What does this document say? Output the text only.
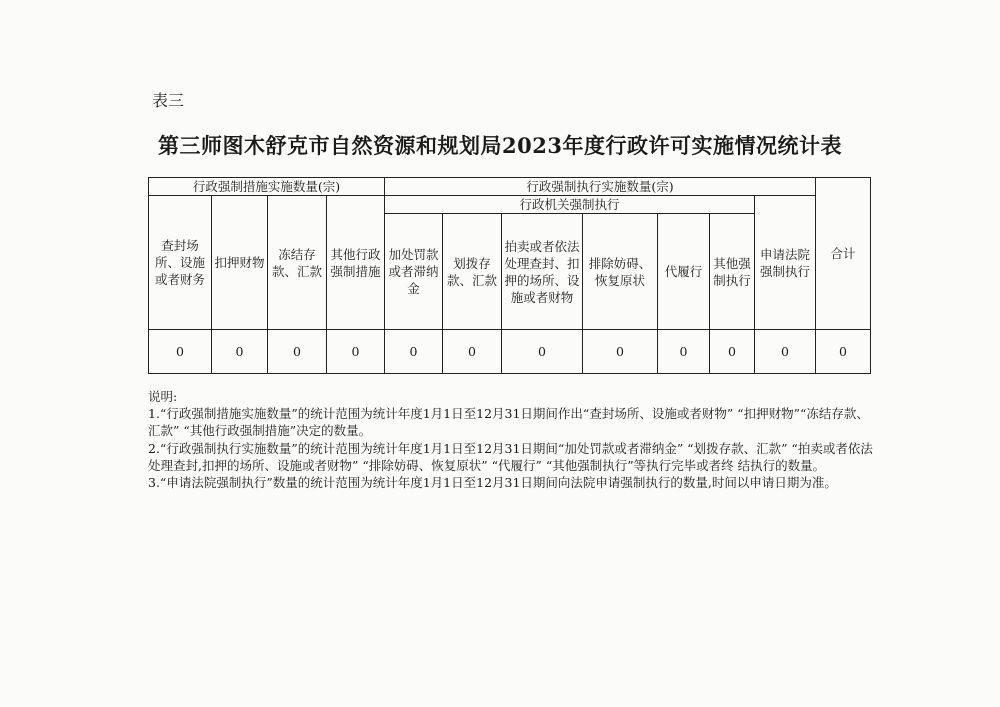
表三
第三师图木舒克市自然资源和规划局2023年度行政许可实施情况统计表
行政强制措施实施数量(宗)				行政强制执行实施数量(宗)							合计
查封场所、设施或者财务	扣押财物	冻结存款、汇款	其他行政强制措施	行政机关强制执行						申请法院强制执行	
				加处罚款或者滞纳金	划拨存款、汇款	拍卖或者依法处理查封、扣押的场所、设施或者财物	排除妨碍、恢复原状	代履行	其他强制执行		
0	0	0	0	0	0	0	0	0	0	0	0

说明:

1.“行政强制措施实施数量”的统计范围为统计年度1月1日至12月31日期间作出“查封场所、设施或者财物” “扣押财物”“冻结存款、汇款” “其他行政强制措施”决定的数量。

2.“行政强制执行实施数量”的统计范围为统计年度1月1日至12月31日期间“加处罚款或者滞纳金” “划拨存款、汇款” “拍卖或者依法处理查封,扣押的场所、设施或者财物” “排除妨碍、恢复原状” “代履行” “其他强制执行”等执行完毕或者终 结执行的数量。

3.“申请法院强制执行”数量的统计范围为统计年度1月1日至12月31日期间向法院申请强制执行的数量,时间以申请日期为准。
